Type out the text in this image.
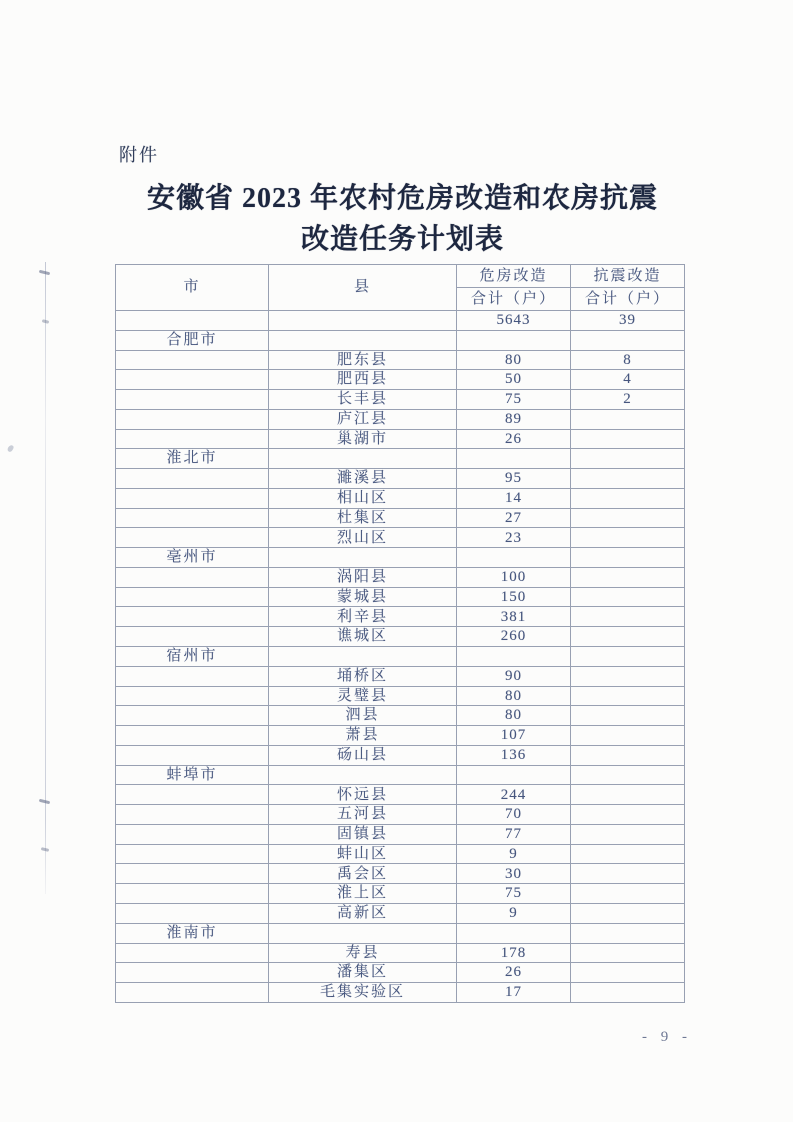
附件
安徽省 2023 年农村危房改造和农房抗震
改造任务计划表
市	县	危房改造	抗震改造
		合计（户）	合计（户）
		5643	39
合肥市			
	肥东县	80	8
	肥西县	50	4
	长丰县	75	2
	庐江县	89	
	巢湖市	26	
淮北市			
	濉溪县	95	
	相山区	14	
	杜集区	27	
	烈山区	23	
亳州市			
	涡阳县	100	
	蒙城县	150	
	利辛县	381	
	谯城区	260	
宿州市			
	埇桥区	90	
	灵璧县	80	
	泗县	80	
	萧县	107	
	砀山县	136	
蚌埠市			
	怀远县	244	
	五河县	70	
	固镇县	77	
	蚌山区	9	
	禹会区	30	
	淮上区	75	
	高新区	9	
淮南市			
	寿县	178	
	潘集区	26	
	毛集实验区	17	
- 9 -
